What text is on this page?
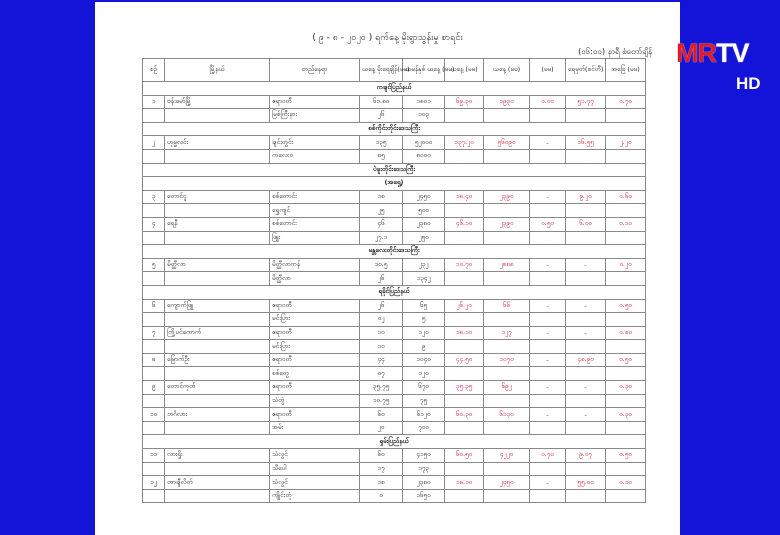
( ၉ - ၈ - ၂၀၂၀ ) ရက်နေ့ မိုးရွာသွန်းမှု စာရင်း
(၀၆:၀၀) နာရီ စံတော်ချိန်
စဉ်	မြို့နယ်	တည်နေရာ	ယနေ့ မိုးရေချိန်(မမ)	ယမန်နှစ် ယနေ့ (မမ)	ယနေ့ (မမ)	ယနေ့ (မမ)	(မမ)	ရေမှတ်(စင်တီ)	အခြေ (မမ)
ကချင်ပြည်နယ်									
၁	ဗန်းမော်မြို့	ဧရာဝတီ	၆၁.၈၀	၁၈၀၁	၆၉.၃၀	၁၉၃၀	၀.၀၀	၅၁.၇၇	၀.၇၀
		မြစ်ကြီးနား	၂၆	၁၀၃					
စစ်ကိုင်းတိုင်းဒေသကြီး									
၂	ဟုမ္မလင်း	ချင်းတွင်း	၁၃၅	၅၂၀၀၀	၁၃၇.၂၀	၅၆၀၉၀	-	၁၆.၅၅	၂.၂၀
		ကလေးဝ	၈၅	၈၀၀၀					
ပဲခူးတိုင်းဒေသကြီး									
(အရှေ့)									
၃	တောင်ငူ	စစ်တောင်း	၁၈	၂၄၅၀	၁၈.၄၀	၂၃၉၀	-	၉.၂၀	၀.၆၀
		ရွှေကျင်	၂၅	၅၀၀					
၄	ရေနီ	စစ်တောင်း	၄၆	၂၃၈၀	၄၆.၁၀	၂၃၉၀	၀.၅၀	၆.၀၀	၀.၁၀
		ဖြူး	၂၇.၁	၂၅၀					
မန္တလေးတိုင်းဒေသကြီး									
၅	မိတ္ထီလာ	မိတ္ထီလာကန်	၁၀.၅	၂၃၂	၁၀.၇၀	၂၈၈၈	-	-	၀.၂၀
		မိတ္ထီလာ	၂၆	၁၃၄၂					
ရခိုင်ပြည်နယ်									
၆	ကျောက်ဖြူ	ဧရာဝတီ	၂၆	၆၅	၂၆.၂၀	၆၆	-	-	၀.၅၀
		မင်းပြား	၀၂	၅					
၇	ကြို့ပင်ကောက်	ဧရာဝတီ	၁၀	၁၂၀	၁၈.၁၀	၁၂၇	-	-	၀.၈၀
		မင်းပြား	၁၀	၉					
၈	မြောက်ဦး	ဧရာဝတီ	၄၄	၁၀၄၀	၄၄.၅၀	၁၀၇၀	-	၄၈.၉၀	၀.၅၀
		စစ်တွေ	၀၇	၁၂၀					
၉	တောင်ကုတ်	ဧရာဝတီ	၃၅.၇၅	၆၇၀	၃၅.၃၅	၆၉၂	-	-	၀.၃၀
		သံတွဲ	၁၀.၇၅	၇၅					
၁၀	ဘင်္ဂလား	ဧရာဝတီ	၆၀	၆၁၂၀	၆၀.၃၀	၆၁၃၀	-	-	၀.၃၀
		အမ်း	၂၀	၇၀၀					
ရှမ်းပြည်နယ်									
၁၁	လားရှိုး	သံလွင်	၆၀	၄၁၅၀	၆၀.၅၀	၄၂၂၀	၀.၇၀	၉.၀၇	၀.၅၀
		သီပေါ	၁၇	၁၇၃					
၁၂	တာချီလိတ်	သံလွင်	၁၈	၂၃၈၀	၁၈.၁၀	၂၄၅၀	-	၅၅.၀၀	၀.၁၀
		ကျိုင်းတုံ	၀	၁၆၅၀					
MRTV
HD
